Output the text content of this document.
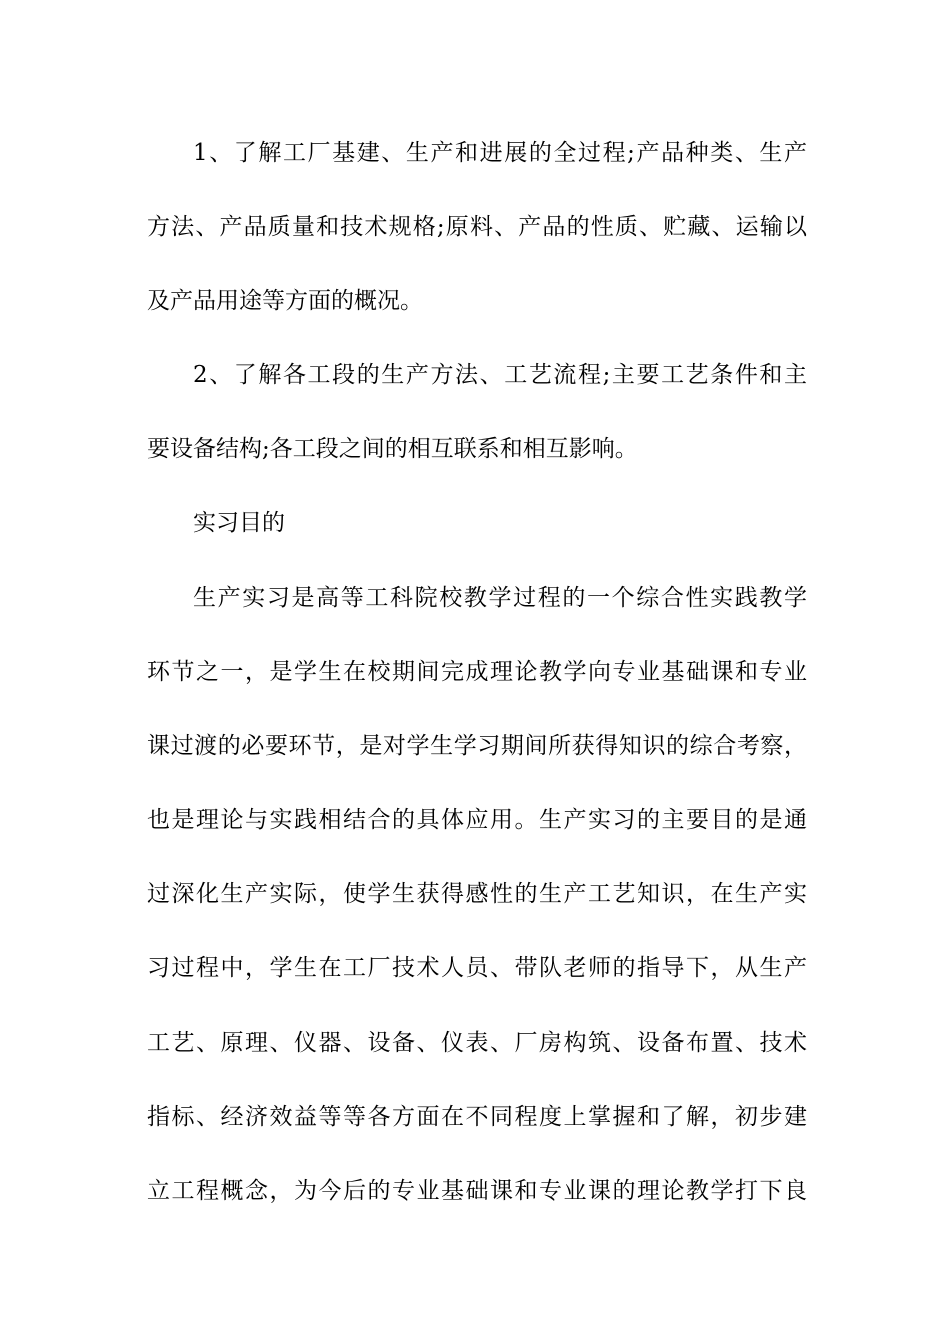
1、了解工厂基建、生产和进展的全过程;产品种类、生产
方法、产品质量和技术规格;原料、产品的性质、贮藏、运输以
及产品用途等方面的概况。
2、了解各工段的生产方法、工艺流程;主要工艺条件和主
要设备结构;各工段之间的相互联系和相互影响。
实习目的
生产实习是高等工科院校教学过程的一个综合性实践教学
环节之一，是学生在校期间完成理论教学向专业基础课和专业
课过渡的必要环节，是对学生学习期间所获得知识的综合考察，
也是理论与实践相结合的具体应用。生产实习的主要目的是通
过深化生产实际，使学生获得感性的生产工艺知识，在生产实
习过程中，学生在工厂技术人员、带队老师的指导下，从生产
工艺、原理、仪器、设备、仪表、厂房构筑、设备布置、技术
指标、经济效益等等各方面在不同程度上掌握和了解，初步建
立工程概念，为今后的专业基础课和专业课的理论教学打下良
